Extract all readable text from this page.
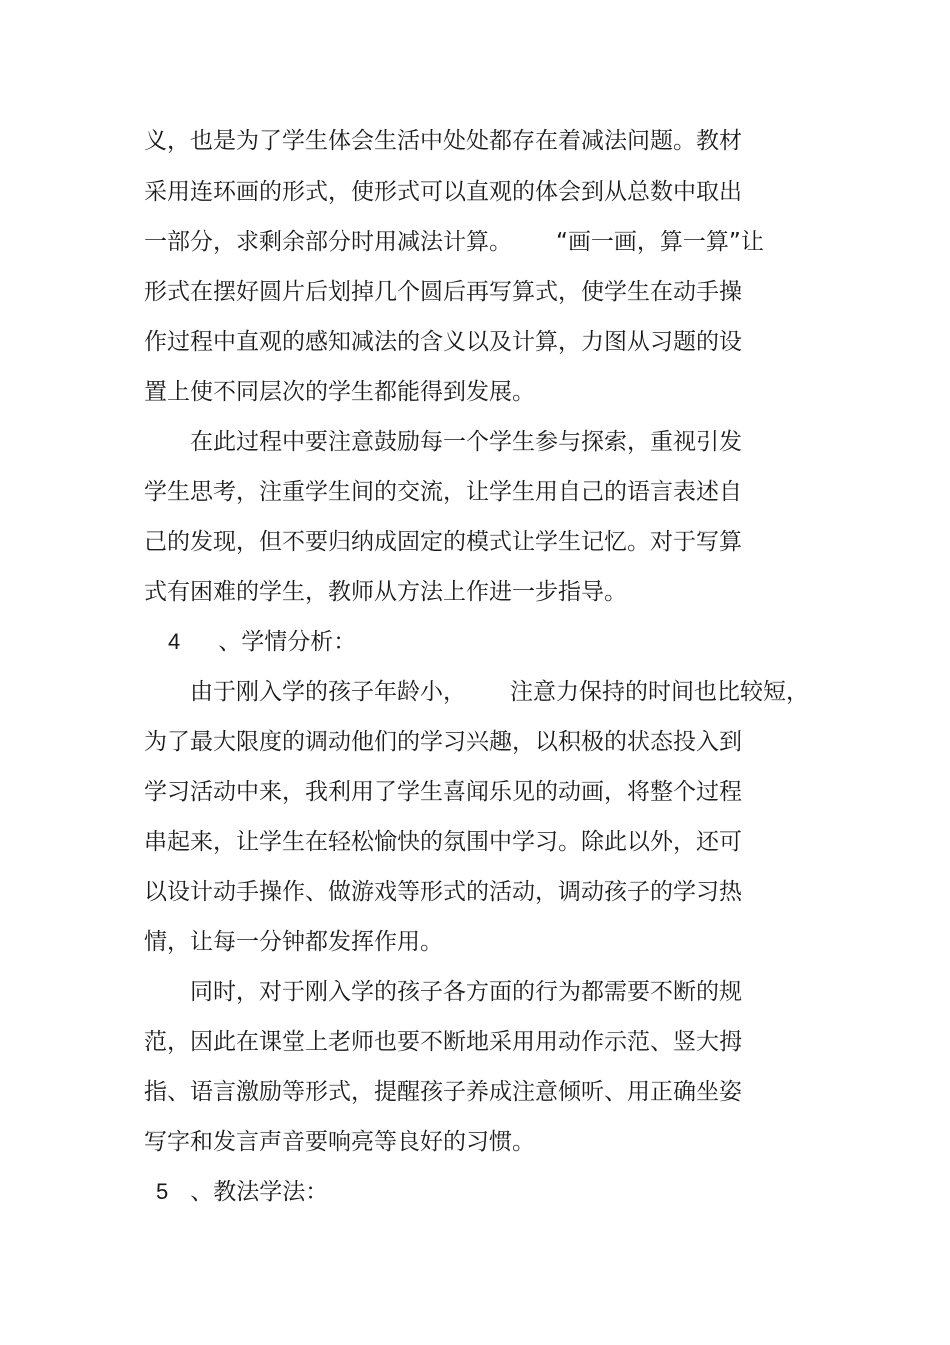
义，也是为了学生体会生活中处处都存在着减法问题。教材
采用连环画的形式，使形式可以直观的体会到从总数中取出
一部分，求剩余部分时用减法计算。 “画一画，算一算”让
形式在摆好圆片后划掉几个圆后再写算式，使学生在动手操
作过程中直观的感知减法的含义以及计算，力图从习题的设
置上使不同层次的学生都能得到发展。
在此过程中要注意鼓励每一个学生参与探索，重视引发
学生思考，注重学生间的交流，让学生用自己的语言表述自
己的发现，但不要归纳成固定的模式让学生记忆。对于写算
式有困难的学生，教师从方法上作进一步指导。
4 、学情分析：
由于刚入学的孩子年龄小， 注意力保持的时间也比较短，
为了最大限度的调动他们的学习兴趣，以积极的状态投入到
学习活动中来，我利用了学生喜闻乐见的动画，将整个过程
串起来，让学生在轻松愉快的氛围中学习。除此以外，还可
以设计动手操作、做游戏等形式的活动，调动孩子的学习热
情，让每一分钟都发挥作用。
同时，对于刚入学的孩子各方面的行为都需要不断的规
范，因此在课堂上老师也要不断地采用用动作示范、竖大拇
指、语言激励等形式，提醒孩子养成注意倾听、用正确坐姿
写字和发言声音要响亮等良好的习惯。
5 、教法学法：
